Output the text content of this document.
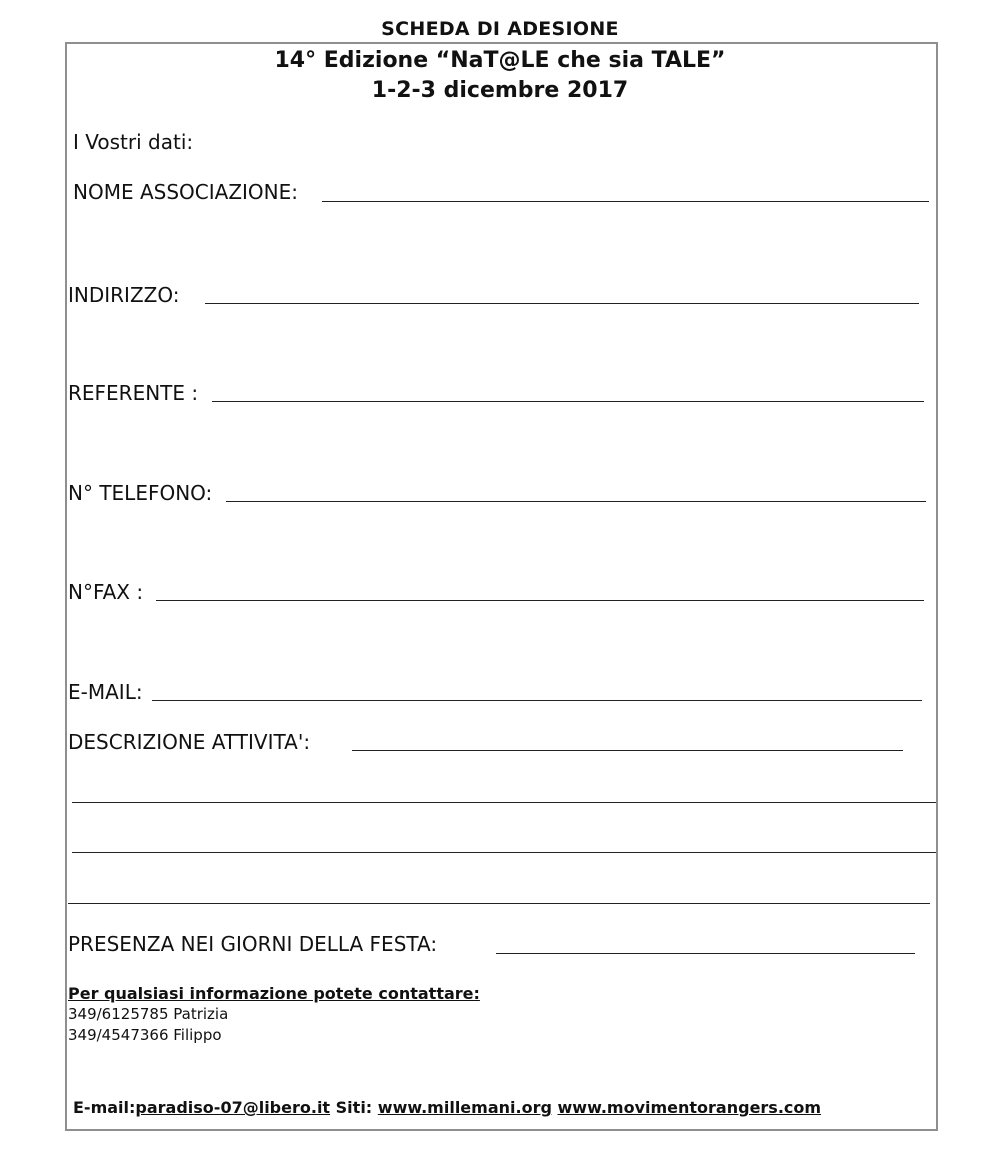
SCHEDA DI ADESIONE
14° Edizione “NaT@LE che sia TALE”
1-2-3 dicembre 2017
I Vostri dati:
NOME ASSOCIAZIONE:
INDIRIZZO:
REFERENTE :
N° TELEFONO:
N°FAX :
E-MAIL:
DESCRIZIONE ATTIVITA':
PRESENZA NEI GIORNI DELLA FESTA:
Per qualsiasi informazione potete contattare:
349/6125785 Patrizia
349/4547366 Filippo
E-mail:paradiso-07@libero.it Siti: www.millemani.org www.movimentorangers.com
